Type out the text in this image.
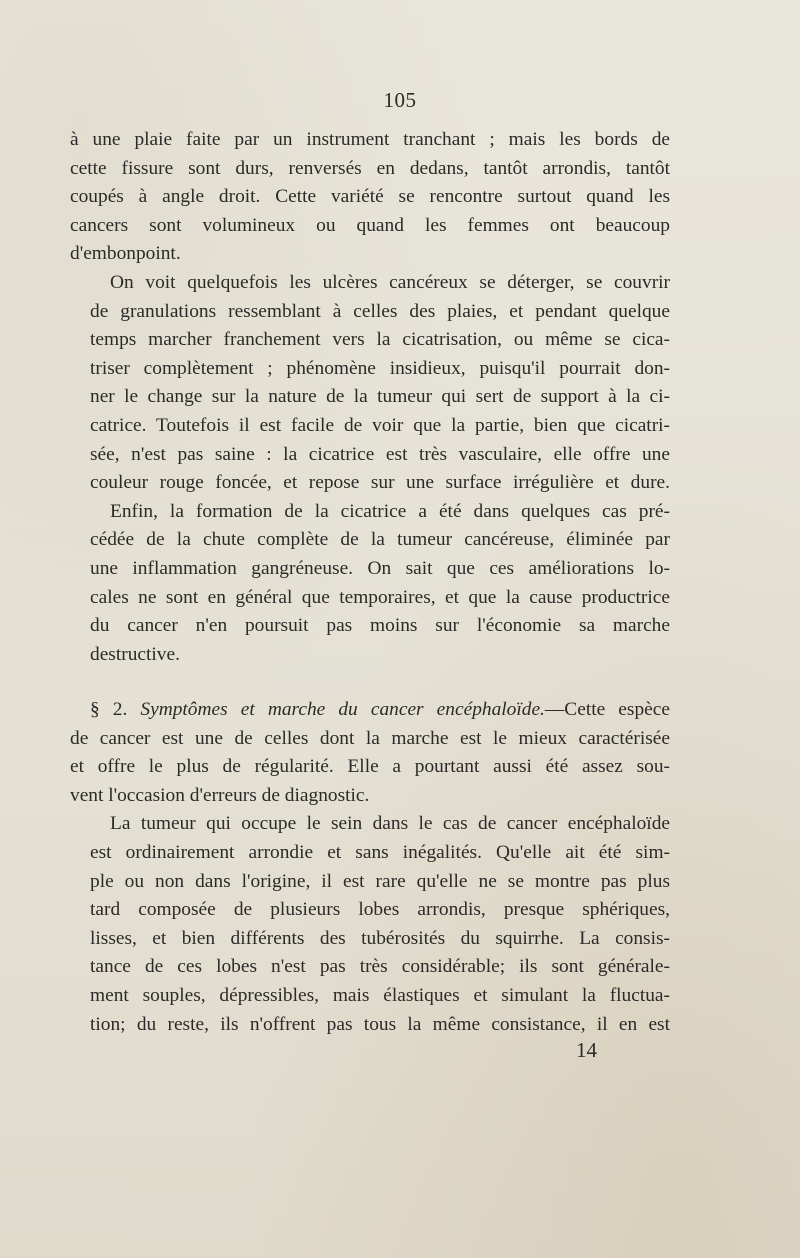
105
à une plaie faite par un instrument tranchant ; mais les bords de
cette fissure sont durs, renversés en dedans, tantôt arrondis, tantôt
coupés à angle droit. Cette variété se rencontre surtout quand les
cancers sont volumineux ou quand les femmes ont beaucoup
d'embonpoint.
On voit quelquefois les ulcères cancéreux se déterger, se couvrir
de granulations ressemblant à celles des plaies, et pendant quelque
temps marcher franchement vers la cicatrisation, ou même se cica-
triser complètement ; phénomène insidieux, puisqu'il pourrait don-
ner le change sur la nature de la tumeur qui sert de support à la ci-
catrice. Toutefois il est facile de voir que la partie, bien que cicatri-
sée, n'est pas saine : la cicatrice est très vasculaire, elle offre une
couleur rouge foncée, et repose sur une surface irrégulière et dure.
Enfin, la formation de la cicatrice a été dans quelques cas pré-
cédée de la chute complète de la tumeur cancéreuse, éliminée par
une inflammation gangréneuse. On sait que ces améliorations lo-
cales ne sont en général que temporaires, et que la cause productrice
du cancer n'en poursuit pas moins sur l'économie sa marche
destructive.
§ 2. Symptômes et marche du cancer encéphaloïde.—Cette espèce
de cancer est une de celles dont la marche est le mieux caractérisée
et offre le plus de régularité. Elle a pourtant aussi été assez sou-
vent l'occasion d'erreurs de diagnostic.
La tumeur qui occupe le sein dans le cas de cancer encéphaloïde
est ordinairement arrondie et sans inégalités. Qu'elle ait été sim-
ple ou non dans l'origine, il est rare qu'elle ne se montre pas plus
tard composée de plusieurs lobes arrondis, presque sphériques,
lisses, et bien différents des tubérosités du squirrhe. La consis-
tance de ces lobes n'est pas très considérable; ils sont générale-
ment souples, dépressibles, mais élastiques et simulant la fluctua-
tion; du reste, ils n'offrent pas tous la même consistance, il en est
14
